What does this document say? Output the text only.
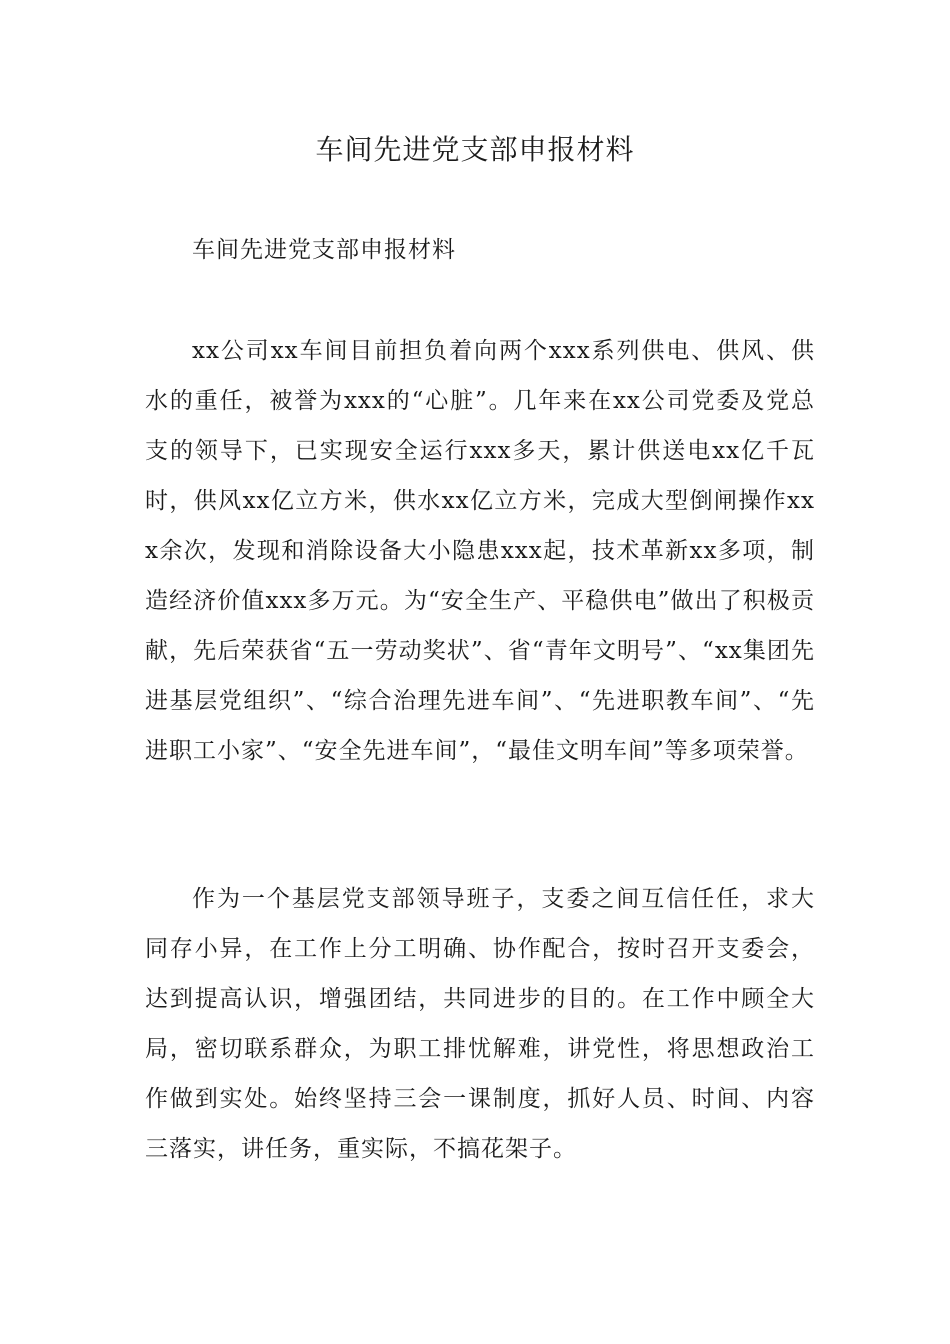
车间先进党支部申报材料

车间先进党支部申报材料

xx公司xx车间目前担负着向两个xxx系列供电、供风、供水的重任，被誉为xxx的“心脏”。几年来在xx公司党委及党总支的领导下，已实现安全运行xxx多天，累计供送电xx亿千瓦时，供风xx亿立方米，供水xx亿立方米，完成大型倒闸操作xxx余次，发现和消除设备大小隐患xxx起，技术革新xx多项，制造经济价值xxx多万元。为“安全生产、平稳供电”做出了积极贡献，先后荣获省“五一劳动奖状”、省“青年文明号”、“xx集团先进基层党组织”、“综合治理先进车间”、“先进职教车间”、“先进职工小家”、“安全先进车间”，“最佳文明车间”等多项荣誉。

作为一个基层党支部领导班子，支委之间互信任任，求大同存小异，在工作上分工明确、协作配合，按时召开支委会，达到提高认识，增强团结，共同进步的目的。在工作中顾全大局，密切联系群众，为职工排忧解难，讲党性，将思想政治工作做到实处。始终坚持三会一课制度，抓好人员、时间、内容三落实，讲任务，重实际，不搞花架子。
